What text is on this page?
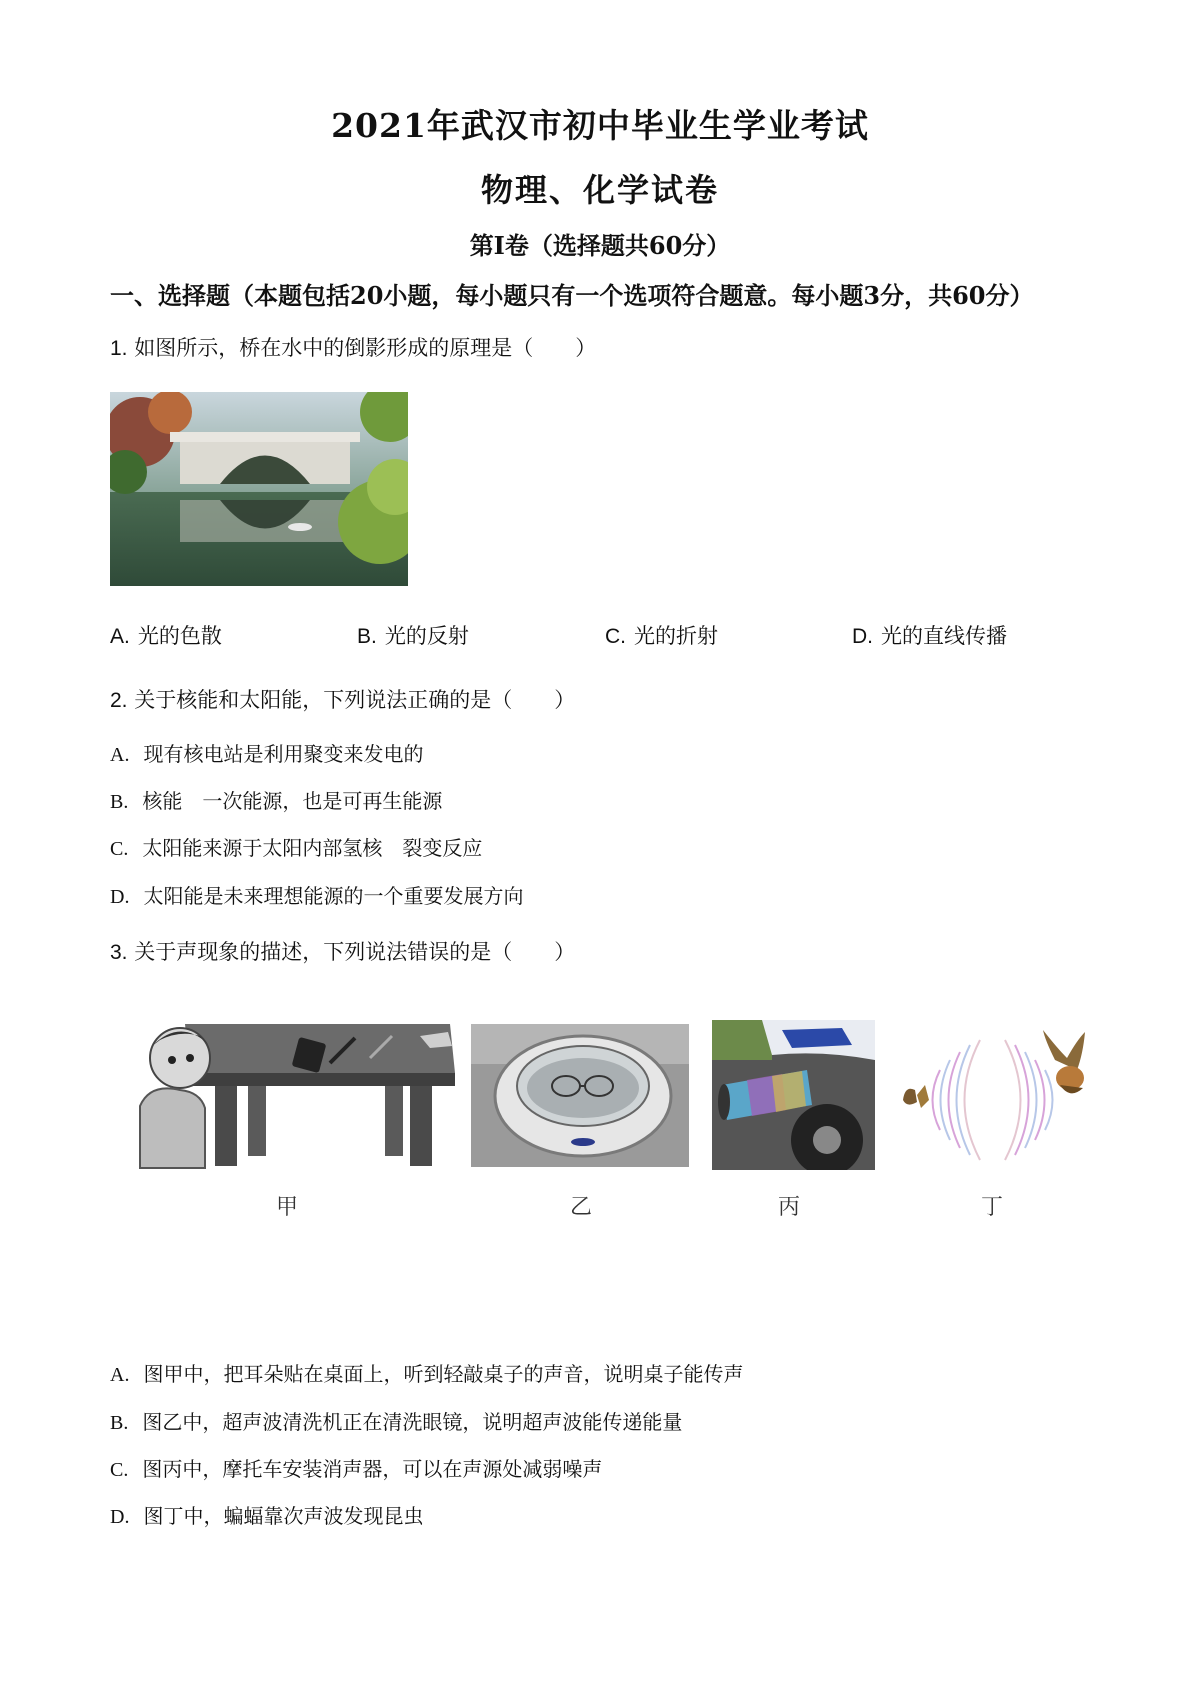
2021年武汉市初中毕业生学业考试
物理、化学试卷
第I卷（选择题共60分）
一、选择题（本题包括20小题，每小题只有一个选项符合题意。每小题3分，共60分）
1. 如图所示，桥在水中的倒影形成的原理是（　　）
A. 光的色散	B. 光的反射	C. 光的折射	D. 光的直线传播
2. 关于核能和太阳能，下列说法正确的是（　　）
A. 现有核电站是利用聚变来发电的
B. 核能　一次能源，也是可再生能源
C. 太阳能来源于太阳内部氢核　裂变反应
D. 太阳能是未来理想能源的一个重要发展方向
3. 关于声现象的描述，下列说法错误的是（　　）
甲	乙	丙	丁
A. 图甲中，把耳朵贴在桌面上，听到轻敲桌子的声音，说明桌子能传声
B. 图乙中，超声波清洗机正在清洗眼镜，说明超声波能传递能量
C. 图丙中，摩托车安装消声器，可以在声源处减弱噪声
D. 图丁中，蝙蝠靠次声波发现昆虫
